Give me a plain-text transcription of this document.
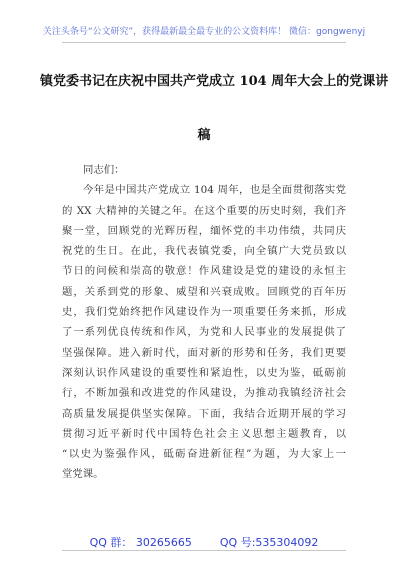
关注头条号“公文研究”，获得最新最全最专业的公文资料库！ 微信：gongwenyj
镇党委书记在庆祝中国共产党成立 104 周年大会上的党课讲
稿
同志们：
今年是中国共产党成立 104 周年，也是全面贯彻落实党
的 XX 大精神的关键之年。在这个重要的历史时刻，我们齐
聚一堂，回顾党的光辉历程，缅怀党的丰功伟绩，共同庆
祝党的生日。在此，我代表镇党委，向全镇广大党员致以
节日的问候和崇高的敬意！作风建设是党的建设的永恒主
题，关系到党的形象、威望和兴衰成败。回顾党的百年历
史，我们党始终把作风建设作为一项重要任务来抓，形成
了一系列优良传统和作风，为党和人民事业的发展提供了
坚强保障。进入新时代，面对新的形势和任务，我们更要
深刻认识作风建设的重要性和紧迫性，以史为鉴，砥砺前
行，不断加强和改进党的作风建设，为推动我镇经济社会
高质量发展提供坚实保障。下面，我结合近期开展的学习
贯彻习近平新时代中国特色社会主义思想主题教育，以
“以史为鉴强作风，砥砺奋进新征程”为题，为大家上一
堂党课。
QQ 群： 30265665	QQ 号:535304092
